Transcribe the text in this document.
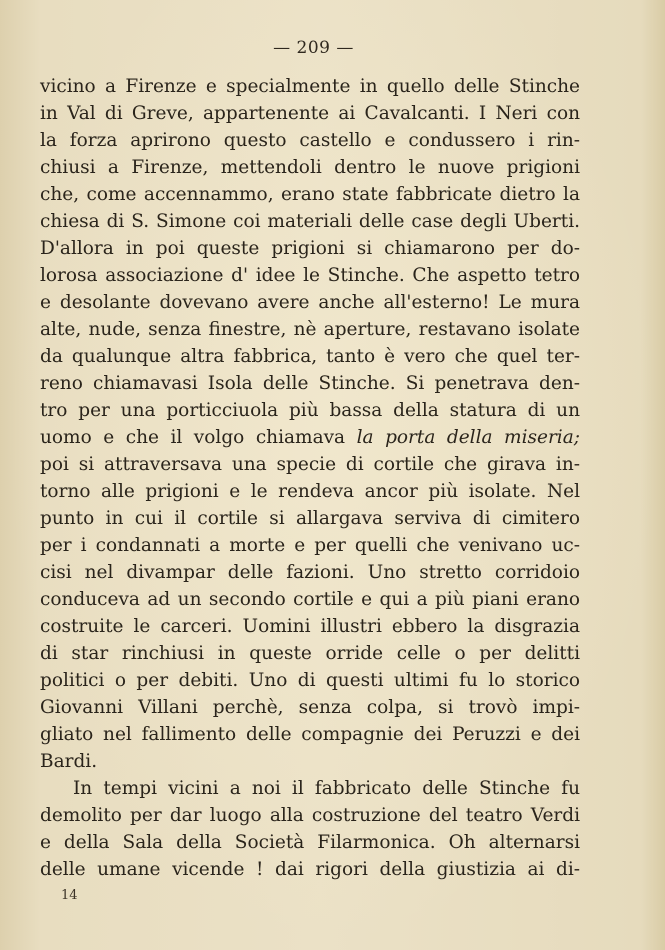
— 209 —
vicino a Firenze e specialmente in quello delle Stinche
in Val di Greve, appartenente ai Cavalcanti. I Neri con
la forza aprirono questo castello e condussero i rin-
chiusi a Firenze, mettendoli dentro le nuove prigioni
che, come accennammo, erano state fabbricate dietro la
chiesa di S. Simone coi materiali delle case degli Uberti.
D'allora in poi queste prigioni si chiamarono per do-
lorosa associazione d' idee le Stinche. Che aspetto tetro
e desolante dovevano avere anche all'esterno! Le mura
alte, nude, senza finestre, nè aperture, restavano isolate
da qualunque altra fabbrica, tanto è vero che quel ter-
reno chiamavasi Isola delle Stinche. Si penetrava den-
tro per una porticciuola più bassa della statura di un
uomo e che il volgo chiamava la porta della miseria;
poi si attraversava una specie di cortile che girava in-
torno alle prigioni e le rendeva ancor più isolate. Nel
punto in cui il cortile si allargava serviva di cimitero
per i condannati a morte e per quelli che venivano uc-
cisi nel divampar delle fazioni. Uno stretto corridoio
conduceva ad un secondo cortile e qui a più piani erano
costruite le carceri. Uomini illustri ebbero la disgrazia
di star rinchiusi in queste orride celle o per delitti
politici o per debiti. Uno di questi ultimi fu lo storico
Giovanni Villani perchè, senza colpa, si trovò impi-
gliato nel fallimento delle compagnie dei Peruzzi e dei
Bardi.
In tempi vicini a noi il fabbricato delle Stinche fu
demolito per dar luogo alla costruzione del teatro Verdi
e della Sala della Società Filarmonica. Oh alternarsi
delle umane vicende ! dai rigori della giustizia ai di-
14
